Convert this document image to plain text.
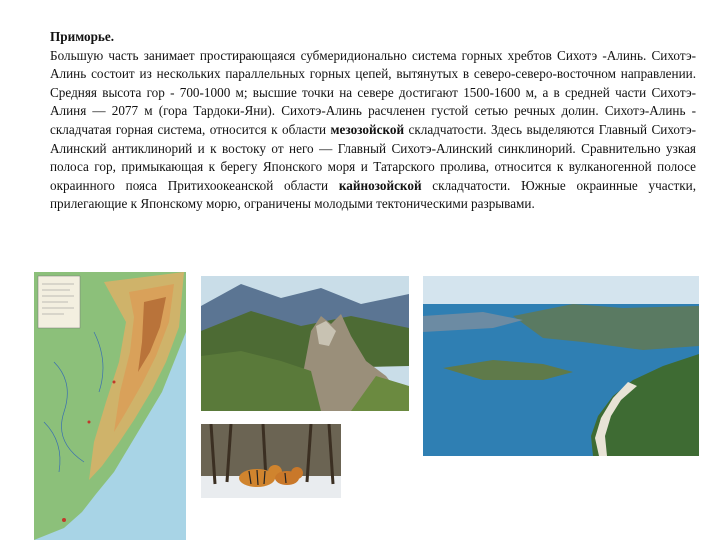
Приморье.
Большую часть занимает простирающаяся субмеридионально система горных хребтов Сихотэ -Алинь. Сихотэ-Алинь состоит из нескольких параллельных горных цепей, вытянутых в северо-северо-восточном направлении. Средняя высота гор - 700-1000 м; высшие точки на севере достигают 1500-1600 м, а в средней части Сихотэ-Алиня — 2077 м (гора Тардоки-Яни). Сихотэ-Алинь расчленен густой сетью речных долин. Сихотэ-Алинь - складчатая горная система, относится к области мезозойской складчатости. Здесь выделяются Главный Сихотэ-Алинский антиклинорий и к востоку от него — Главный Сихотэ-Алинский синклинорий. Сравнительно узкая полоса гор, примыкающая к берегу Японского моря и Татарского пролива, относится к вулканогенной полосе окраинного пояса Притихоокеанской области кайнозойской складчатости. Южные окраинные участки, прилегающие к Японскому морю, ограничены молодыми тектоническими разрывами.
